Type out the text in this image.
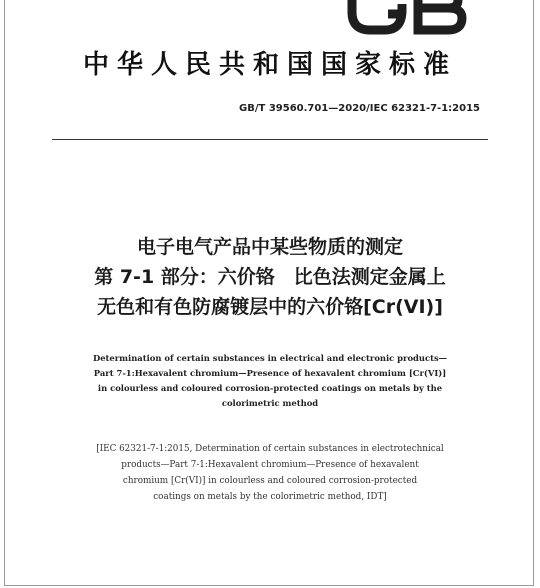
GB
中华人民共和国国家标准
GB/T 39560.701—2020/IEC 62321-7-1:2015
电子电气产品中某些物质的测定
第 7-1 部分：六价铬　比色法测定金属上
无色和有色防腐镀层中的六价铬[Cr(VI)]
Determination of certain substances in electrical and electronic products—
Part 7-1:Hexavalent chromium—Presence of hexavalent chromium [Cr(VI)]
in colourless and coloured corrosion-protected coatings on metals by the
colorimetric method
[IEC 62321-7-1:2015, Determination of certain substances in electrotechnical
products—Part 7-1:Hexavalent chromium—Presence of hexavalent
chromium [Cr(VI)] in colourless and coloured corrosion-protected
coatings on metals by the colorimetric method, IDT]
